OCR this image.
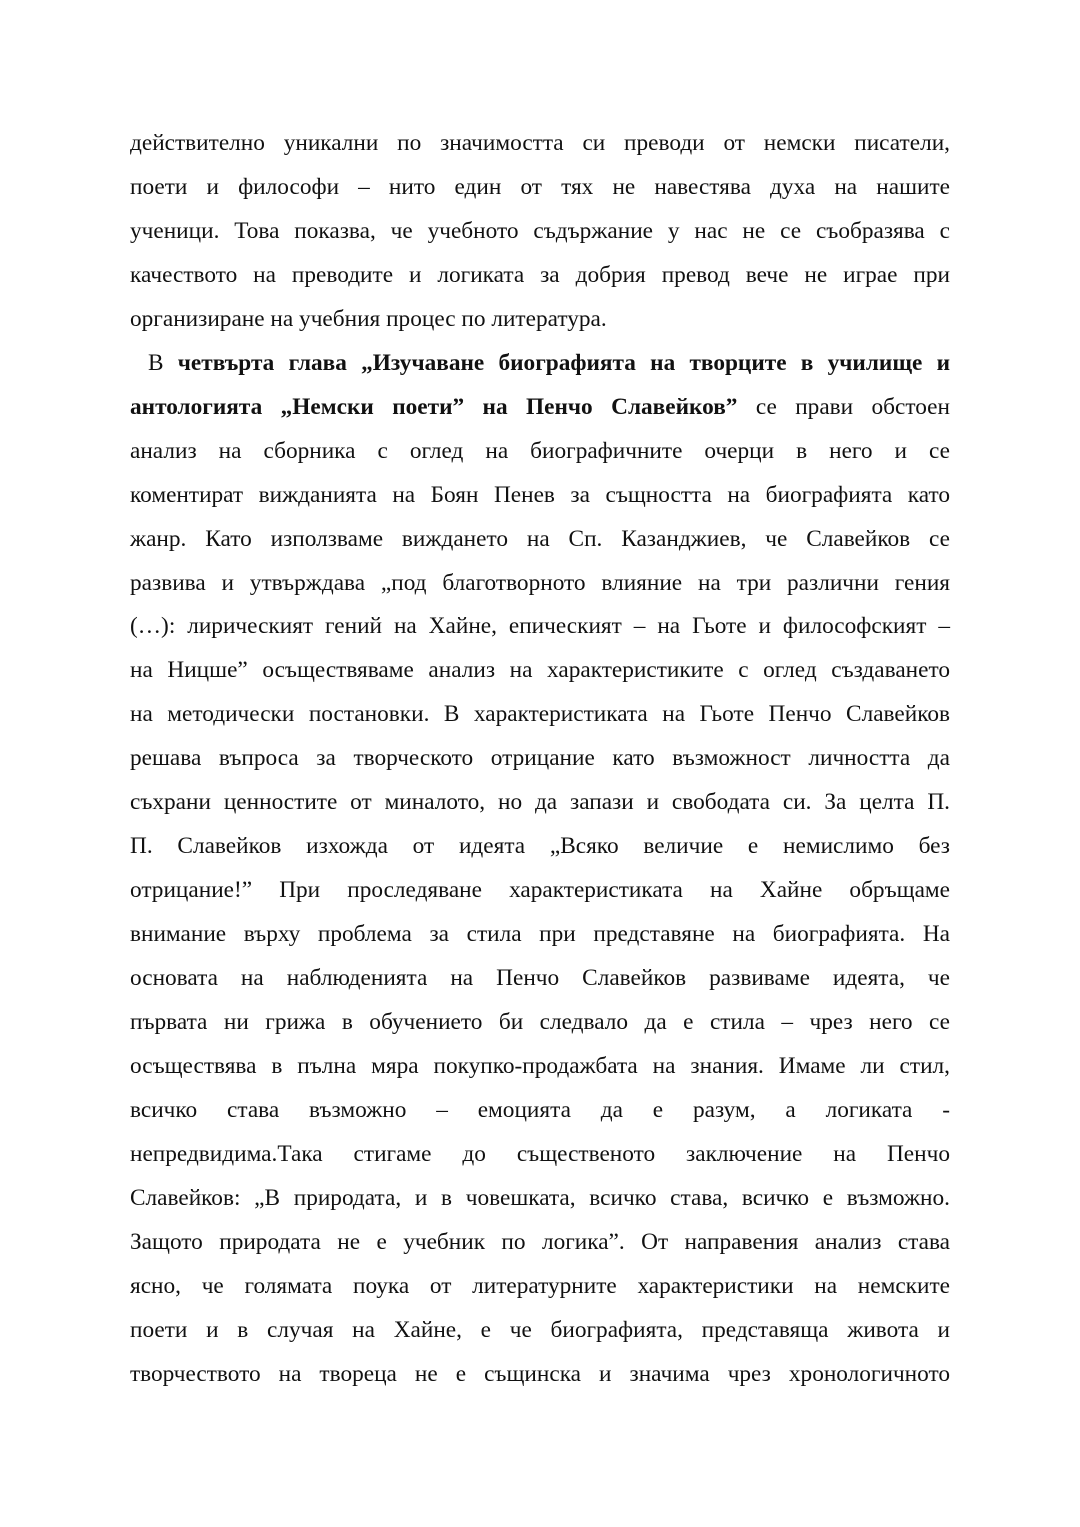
действително уникални по значимостта си преводи от немски писатели,
поети и философи – нито един от тях не навестява духа на нашите
ученици. Това показва, че учебното съдържание у нас не се съобразява с
качеството на преводите и логиката за добрия превод вече не играе при
организиране на учебния процес по литература.
В четвърта глава „Изучаване биографията на творците в училище и
антологията „Немски поети” на Пенчо Славейков” се прави обстоен
анализ на сборника с оглед на биографичните очерци в него и се
коментират вижданията на Боян Пенев за същността на биографията като
жанр. Като използваме виждането на Сп. Казанджиев, че Славейков се
развива и утвърждава „под благотворното влияние на три различни гения
(…): лирическият гений на Хайне, епическият – на Гьоте и философският –
на Ницше” осъществяваме анализ на характеристиките с оглед създаването
на методически постановки. В характеристиката на Гьоте Пенчо Славейков
решава въпроса за творческото отрицание като възможност личността да
съхрани ценностите от миналото, но да запази и свободата си. За целта П.
П. Славейков изхожда от идеята „Всяко величие е немислимо без
отрицание!” При проследяване характеристиката на Хайне обръщаме
внимание върху проблема за стила при представяне на биографията. На
основата на наблюденията на Пенчо Славейков развиваме идеята, че
първата ни грижа в обучението би следвало да е стила – чрез него се
осъществява в пълна мяра покупко-продажбата на знания. Имаме ли стил,
всичко става възможно – емоцията да е разум, а логиката -
непредвидима.Така стигаме до същественото заключение на Пенчо
Славейков: „В природата, и в човешката, всичко става, всичко е възможно.
Защото природата не е учебник по логика”. От направения анализ става
ясно, че голямата поука от литературните характеристики на немските
поети и в случая на Хайне, е че биографията, представяща живота и
творчеството на твореца не е същинска и значима чрез хронологичното
